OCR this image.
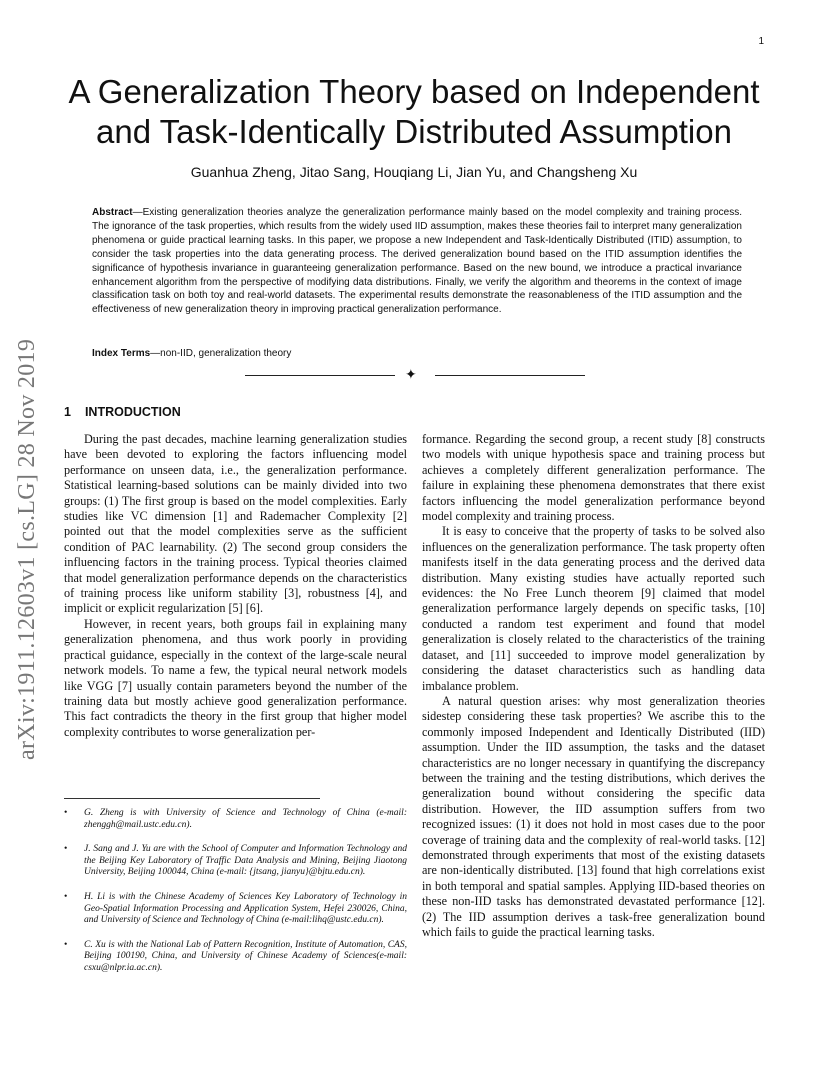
1
A Generalization Theory based on Independent
and Task-Identically Distributed Assumption
Guanhua Zheng, Jitao Sang, Houqiang Li, Jian Yu, and Changsheng Xu
Abstract—Existing generalization theories analyze the generalization performance mainly based on the model complexity and training process. The ignorance of the task properties, which results from the widely used IID assumption, makes these theories fail to interpret many generalization phenomena or guide practical learning tasks. In this paper, we propose a new Independent and Task-Identically Distributed (ITID) assumption, to consider the task properties into the data generating process. The derived generalization bound based on the ITID assumption identifies the significance of hypothesis invariance in guaranteeing generalization performance. Based on the new bound, we introduce a practical invariance enhancement algorithm from the perspective of modifying data distributions. Finally, we verify the algorithm and theorems in the context of image classification task on both toy and real-world datasets. The experimental results demonstrate the reasonableness of the ITID assumption and the effectiveness of new generalization theory in improving practical generalization performance.
Index Terms—non-IID, generalization theory
✦
arXiv:1911.12603v1 [cs.LG] 28 Nov 2019 1 INTRODUCTION

During the past decades, machine learning generalization studies have been devoted to exploring the factors influencing model performance on unseen data, i.e., the generalization performance. Statistical learning-based solutions can be mainly divided into two groups: (1) The first group is based on the model complexities. Early studies like VC dimension [1] and Rademacher Complexity [2] pointed out that the model complexities serve as the sufficient condition of PAC learnability. (2) The second group considers the influencing factors in the training process. Typical theories claimed that model generalization performance depends on the characteristics of training process like uniform stability [3], robustness [4], and implicit or explicit regularization [5] [6].

However, in recent years, both groups fail in explaining many generalization phenomena, and thus work poorly in providing practical guidance, especially in the context of the large-scale neural network models. To name a few, the typical neural network models like VGG [7] usually contain parameters beyond the number of the training data but mostly achieve good generalization performance. This fact contradicts the theory in the first group that higher model complexity contributes to worse generalization per-

formance. Regarding the second group, a recent study [8] constructs two models with unique hypothesis space and training process but achieves a completely different generalization performance. The failure in explaining these phenomena demonstrates that there exist factors influencing the model generalization performance beyond model complexity and training process.

It is easy to conceive that the property of tasks to be solved also influences on the generalization performance. The task property often manifests itself in the data generating process and the derived data distribution. Many existing studies have actually reported such evidences: the No Free Lunch theorem [9] claimed that model generalization performance largely depends on specific tasks, [10] conducted a random test experiment and found that model generalization is closely related to the characteristics of the training dataset, and [11] succeeded to improve model generalization by considering the dataset characteristics such as handling data imbalance problem.

A natural question arises: why most generalization theories sidestep considering these task properties? We ascribe this to the commonly imposed Independent and Identically Distributed (IID) assumption. Under the IID assumption, the tasks and the dataset characteristics are no longer necessary in quantifying the discrepancy between the training and the testing distributions, which derives the generalization bound without considering the specific data distribution. However, the IID assumption suffers from two recognized issues: (1) it does not hold in most cases due to the poor coverage of training data and the complexity of real-world tasks. [12] demonstrated through experiments that most of the existing datasets are non-identically distributed. [13] found that high correlations exist in both temporal and spatial samples. Applying IID-based theories on these non-IID tasks has demonstrated devastated performance [12]. (2) The IID assumption derives a task-free generalization bound which fails to guide the practical learning tasks.

• G. Zheng is with University of Science and Technology of China (e-mail: zhenggh@mail.ustc.edu.cn).
• J. Sang and J. Yu are with the School of Computer and Information Technology and the Beijing Key Laboratory of Traffic Data Analysis and Mining, Beijing Jiaotong University, Beijing 100044, China (e-mail: {jtsang, jianyu}@bjtu.edu.cn).
• H. Li is with the Chinese Academy of Sciences Key Laboratory of Technology in Geo-Spatial Information Processing and Application System, Hefei 230026, China, and University of Science and Technology of China (e-mail:lihq@ustc.edu.cn).
• C. Xu is with the National Lab of Pattern Recognition, Institute of Automation, CAS, Beijing 100190, China, and University of Chinese Academy of Sciences(e-mail: csxu@nlpr.ia.ac.cn).
